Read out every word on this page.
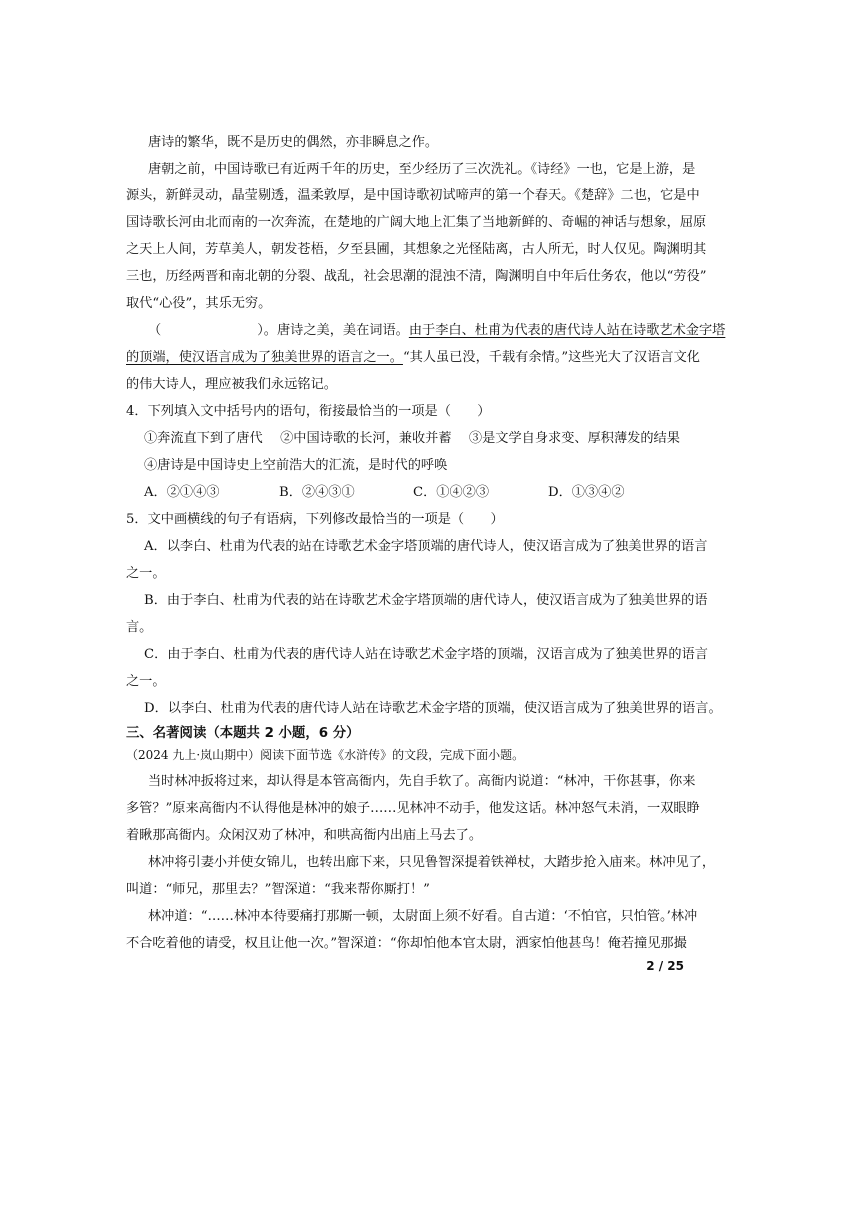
唐诗的繁华，既不是历史的偶然，亦非瞬息之作。
唐朝之前，中国诗歌已有近两千年的历史，至少经历了三次洗礼。《诗经》一也，它是上游，是
源头，新鲜灵动，晶莹剔透，温柔敦厚，是中国诗歌初试啼声的第一个春天。《楚辞》二也，它是中
国诗歌长河由北而南的一次奔流，在楚地的广阔大地上汇集了当地新鲜的、奇崛的神话与想象，屈原
之天上人间，芳草美人，朝发苍梧，夕至县圃，其想象之光怪陆离，古人所无，时人仅见。陶渊明其
三也，历经两晋和南北朝的分裂、战乱，社会思潮的混浊不清，陶渊明自中年后仕务农，他以“劳役”
取代“心役”，其乐无穷。
（	）。唐诗之美，美在词语。由于李白、杜甫为代表的唐代诗人站在诗歌艺术金字塔
的顶端，使汉语言成为了独美世界的语言之一。“其人虽已没，千载有余情。”这些光大了汉语言文化
的伟大诗人，理应被我们永远铭记。
4．下列填入文中括号内的语句，衔接最恰当的一项是（　　）
①奔流直下到了唐代　 ②中国诗歌的长河，兼收并蓄　 ③是文学自身求变、厚积薄发的结果
④唐诗是中国诗史上空前浩大的汇流，是时代的呼唤
A．②①④③	B．②④③①	C．①④②③	D．①③④②
5．文中画横线的句子有语病，下列修改最恰当的一项是（　　）
A．以李白、杜甫为代表的站在诗歌艺术金字塔顶端的唐代诗人，使汉语言成为了独美世界的语言
之一。
B．由于李白、杜甫为代表的站在诗歌艺术金字塔顶端的唐代诗人，使汉语言成为了独美世界的语
言。
C．由于李白、杜甫为代表的唐代诗人站在诗歌艺术金字塔的顶端，汉语言成为了独美世界的语言
之一。
D．以李白、杜甫为代表的唐代诗人站在诗歌艺术金字塔的顶端，使汉语言成为了独美世界的语言。
三、名著阅读（本题共 2 小题，6 分）
（2024 九上·岚山期中）阅读下面节选《水浒传》的文段，完成下面小题。
当时林冲扳将过来，却认得是本管高衙内，先自手软了。高衙内说道：“林冲，干你甚事，你来
多管？”原来高衙内不认得他是林冲的娘子……见林冲不动手，他发这话。林冲怒气未消，一双眼睁
着瞅那高衙内。众闲汉劝了林冲，和哄高衙内出庙上马去了。
林冲将引妻小并使女锦儿，也转出廊下来，只见鲁智深提着铁禅杖，大踏步抢入庙来。林冲见了，
叫道：“师兄，那里去？”智深道：“我来帮你厮打！”
林冲道：“……林冲本待要痛打那厮一顿，太尉面上须不好看。自古道：‘不怕官，只怕管。’林冲
不合吃着他的请受，权且让他一次。”智深道：“你却怕他本官太尉，洒家怕他甚鸟！俺若撞见那撮
2 / 25
